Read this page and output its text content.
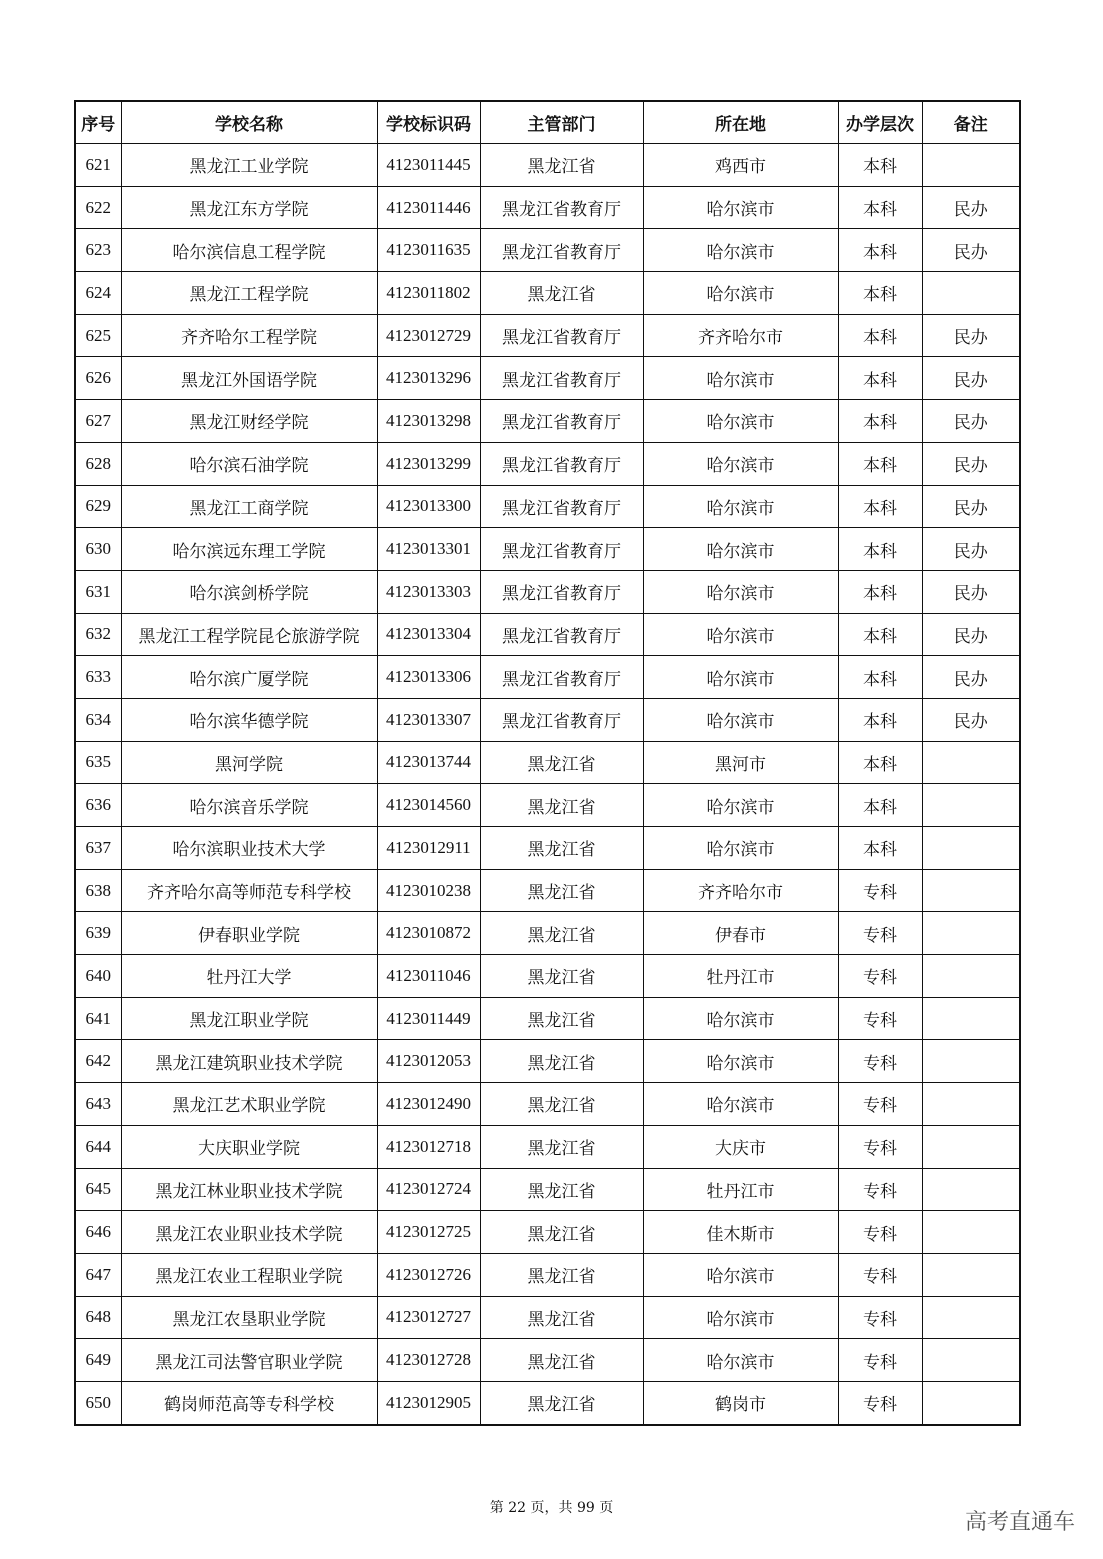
序号	学校名称	学校标识码	主管部门	所在地	办学层次	备注
621	黑龙江工业学院	4123011445	黑龙江省	鸡西市	本科	
622	黑龙江东方学院	4123011446	黑龙江省教育厅	哈尔滨市	本科	民办
623	哈尔滨信息工程学院	4123011635	黑龙江省教育厅	哈尔滨市	本科	民办
624	黑龙江工程学院	4123011802	黑龙江省	哈尔滨市	本科	
625	齐齐哈尔工程学院	4123012729	黑龙江省教育厅	齐齐哈尔市	本科	民办
626	黑龙江外国语学院	4123013296	黑龙江省教育厅	哈尔滨市	本科	民办
627	黑龙江财经学院	4123013298	黑龙江省教育厅	哈尔滨市	本科	民办
628	哈尔滨石油学院	4123013299	黑龙江省教育厅	哈尔滨市	本科	民办
629	黑龙江工商学院	4123013300	黑龙江省教育厅	哈尔滨市	本科	民办
630	哈尔滨远东理工学院	4123013301	黑龙江省教育厅	哈尔滨市	本科	民办
631	哈尔滨剑桥学院	4123013303	黑龙江省教育厅	哈尔滨市	本科	民办
632	黑龙江工程学院昆仑旅游学院	4123013304	黑龙江省教育厅	哈尔滨市	本科	民办
633	哈尔滨广厦学院	4123013306	黑龙江省教育厅	哈尔滨市	本科	民办
634	哈尔滨华德学院	4123013307	黑龙江省教育厅	哈尔滨市	本科	民办
635	黑河学院	4123013744	黑龙江省	黑河市	本科	
636	哈尔滨音乐学院	4123014560	黑龙江省	哈尔滨市	本科	
637	哈尔滨职业技术大学	4123012911	黑龙江省	哈尔滨市	本科	
638	齐齐哈尔高等师范专科学校	4123010238	黑龙江省	齐齐哈尔市	专科	
639	伊春职业学院	4123010872	黑龙江省	伊春市	专科	
640	牡丹江大学	4123011046	黑龙江省	牡丹江市	专科	
641	黑龙江职业学院	4123011449	黑龙江省	哈尔滨市	专科	
642	黑龙江建筑职业技术学院	4123012053	黑龙江省	哈尔滨市	专科	
643	黑龙江艺术职业学院	4123012490	黑龙江省	哈尔滨市	专科	
644	大庆职业学院	4123012718	黑龙江省	大庆市	专科	
645	黑龙江林业职业技术学院	4123012724	黑龙江省	牡丹江市	专科	
646	黑龙江农业职业技术学院	4123012725	黑龙江省	佳木斯市	专科	
647	黑龙江农业工程职业学院	4123012726	黑龙江省	哈尔滨市	专科	
648	黑龙江农垦职业学院	4123012727	黑龙江省	哈尔滨市	专科	
649	黑龙江司法警官职业学院	4123012728	黑龙江省	哈尔滨市	专科	
650	鹤岗师范高等专科学校	4123012905	黑龙江省	鹤岗市	专科	
第 22 页，共 99 页
高考直通车
